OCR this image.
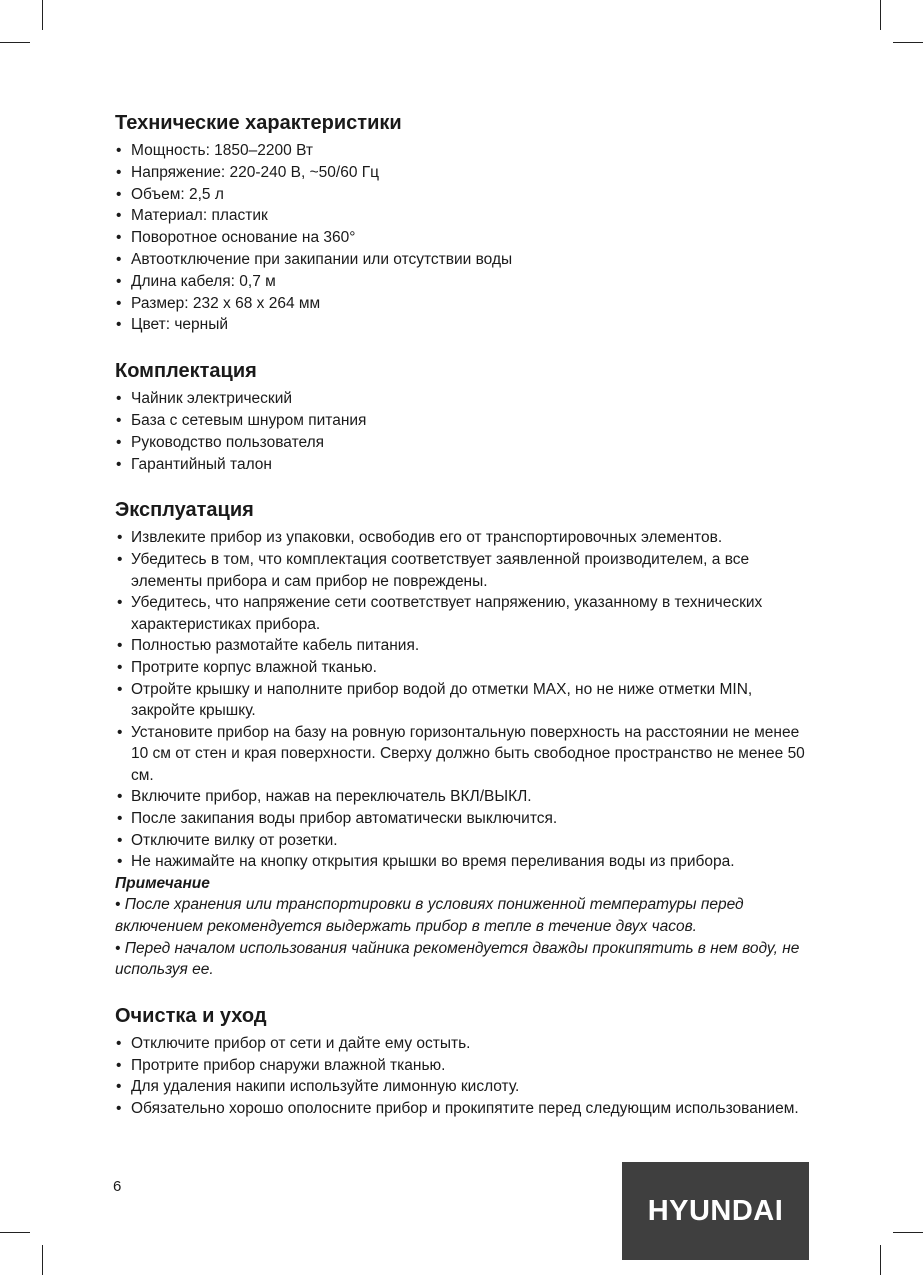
Технические характеристики
• Мощность: 1850–2200 Вт
• Напряжение: 220-240 В, ~50/60 Гц
• Объем: 2,5 л
• Материал: пластик
• Поворотное основание на 360°
• Автоотключение при закипании или отсутствии воды
• Длина кабеля: 0,7 м
• Размер: 232 х 68 х 264 мм
• Цвет: черный
Комплектация
• Чайник электрический
• База с сетевым шнуром питания
• Руководство пользователя
• Гарантийный талон
Эксплуатация
• Извлеките прибор из упаковки, освободив его от транспортировочных элементов.
• Убедитесь в том, что комплектация соответствует заявленной производителем, а все элементы прибора и сам прибор не повреждены.
• Убедитесь, что напряжение сети соответствует напряжению, указанному в технических характеристиках прибора.
• Полностью размотайте кабель питания.
• Протрите корпус влажной тканью.
• Отройте крышку и наполните прибор водой до отметки MAX, но не ниже отметки MIN, закройте крышку.
• Установите прибор на базу на ровную горизонтальную поверхность на расстоянии не менее 10 см от стен и края поверхности. Сверху должно быть свободное пространство не менее 50 см.
• Включите прибор, нажав на переключатель ВКЛ/ВЫКЛ.
• После закипания воды прибор автоматически выключится.
• Отключите вилку от розетки.
• Не нажимайте на кнопку открытия крышки во время переливания воды из прибора.
Примечание
• После хранения или транспортировки в условиях пониженной температуры перед включением рекомендуется выдержать прибор в тепле в течение двух часов.
• Перед началом использования чайника рекомендуется дважды прокипятить в нем воду, не используя ее.
Очистка и уход
• Отключите прибор от сети и дайте ему остыть.
• Протрите прибор снаружи влажной тканью.
• Для удаления накипи используйте лимонную кислоту.
• Обязательно хорошо ополосните прибор и прокипятите перед следующим использованием.
6
HYUNDAI
